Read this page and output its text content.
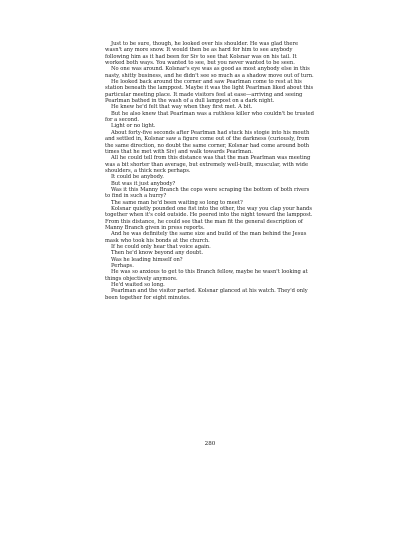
Just to be sure, though, he looked over his shoulder. He was glad there wasn't any more snow. It would then be as hard for him to see anybody following him as it had been for Siv to see that Kolsnar was on his tail. It worked both ways. You wanted to see, but you never wanted to be seen.

No one was around. Kolsnar's eye was as good as most anybody else in this nasty, shitty business, and he didn't see so much as a shadow move out of turn.

He looked back around the corner and saw Pearlman come to rest at his station beneath the lamppost. Maybe it was the light Pearlman liked about this particular meeting place. It made visitors feel at ease—arriving and seeing Pearlman bathed in the wash of a dull lamppost on a dark night.

He knew he'd felt that way when they first met. A bit.

But he also knew that Pearlman was a ruthless killer who couldn't be trusted for a second.

Light or no light.

About forty-five seconds after Pearlman had stuck his stogie into his mouth and settled in, Kolsnar saw a figure come out of the darkness (curiously, from the same direction, no doubt the same corner, Kolsnar had come around both times that he met with Siv) and walk towards Pearlman.

All he could tell from this distance was that the man Pearlman was meeting was a bit shorter than average, but extremely well-built, muscular, with wide shoulders, a thick neck perhaps.

It could be anybody.

But was it just anybody?

Was it this Manny Branch the cops were scraping the bottom of both rivers to find in such a hurry?

The same man he'd been waiting so long to meet?

Kolsnar quietly pounded one fist into the other, the way you clap your hands together when it's cold outside. He peered into the night toward the lamppost. From this distance, he could see that the man fit the general description of Manny Branch given in press reports.

And he was definitely the same size and build of the man behind the Jesus mask who took his bonds at the church.

If he could only hear that voice again.

Then he'd know beyond any doubt.

Was he leading himself on?

Perhaps.

He was so anxious to get to this Branch fellow, maybe he wasn't looking at things objectively anymore.

He'd waited so long.

Pearlman and the visitor parted. Kolsnar glanced at his watch. They'd only been together for eight minutes.

280
